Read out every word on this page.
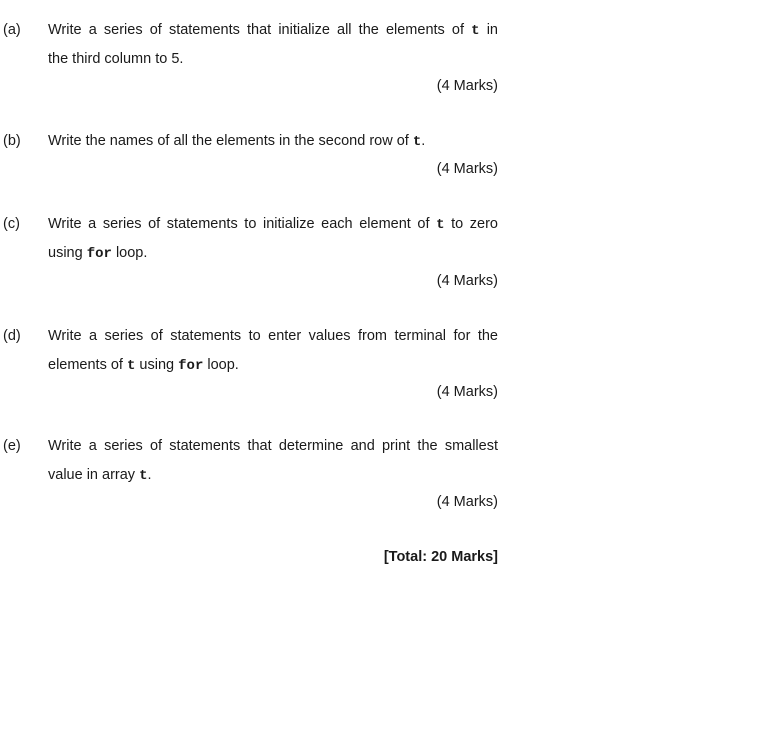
(a) Write a series of statements that initialize all the elements of t in
the third column to 5.
(4 Marks)
(b) Write the names of all the elements in the second row of t.
(4 Marks)
(c) Write a series of statements to initialize each element of t to zero
using for loop.
(4 Marks)
(d) Write a series of statements to enter values from terminal for the
elements of t using for loop.
(4 Marks)
(e) Write a series of statements that determine and print the smallest
value in array t.
(4 Marks)
[Total: 20 Marks]
